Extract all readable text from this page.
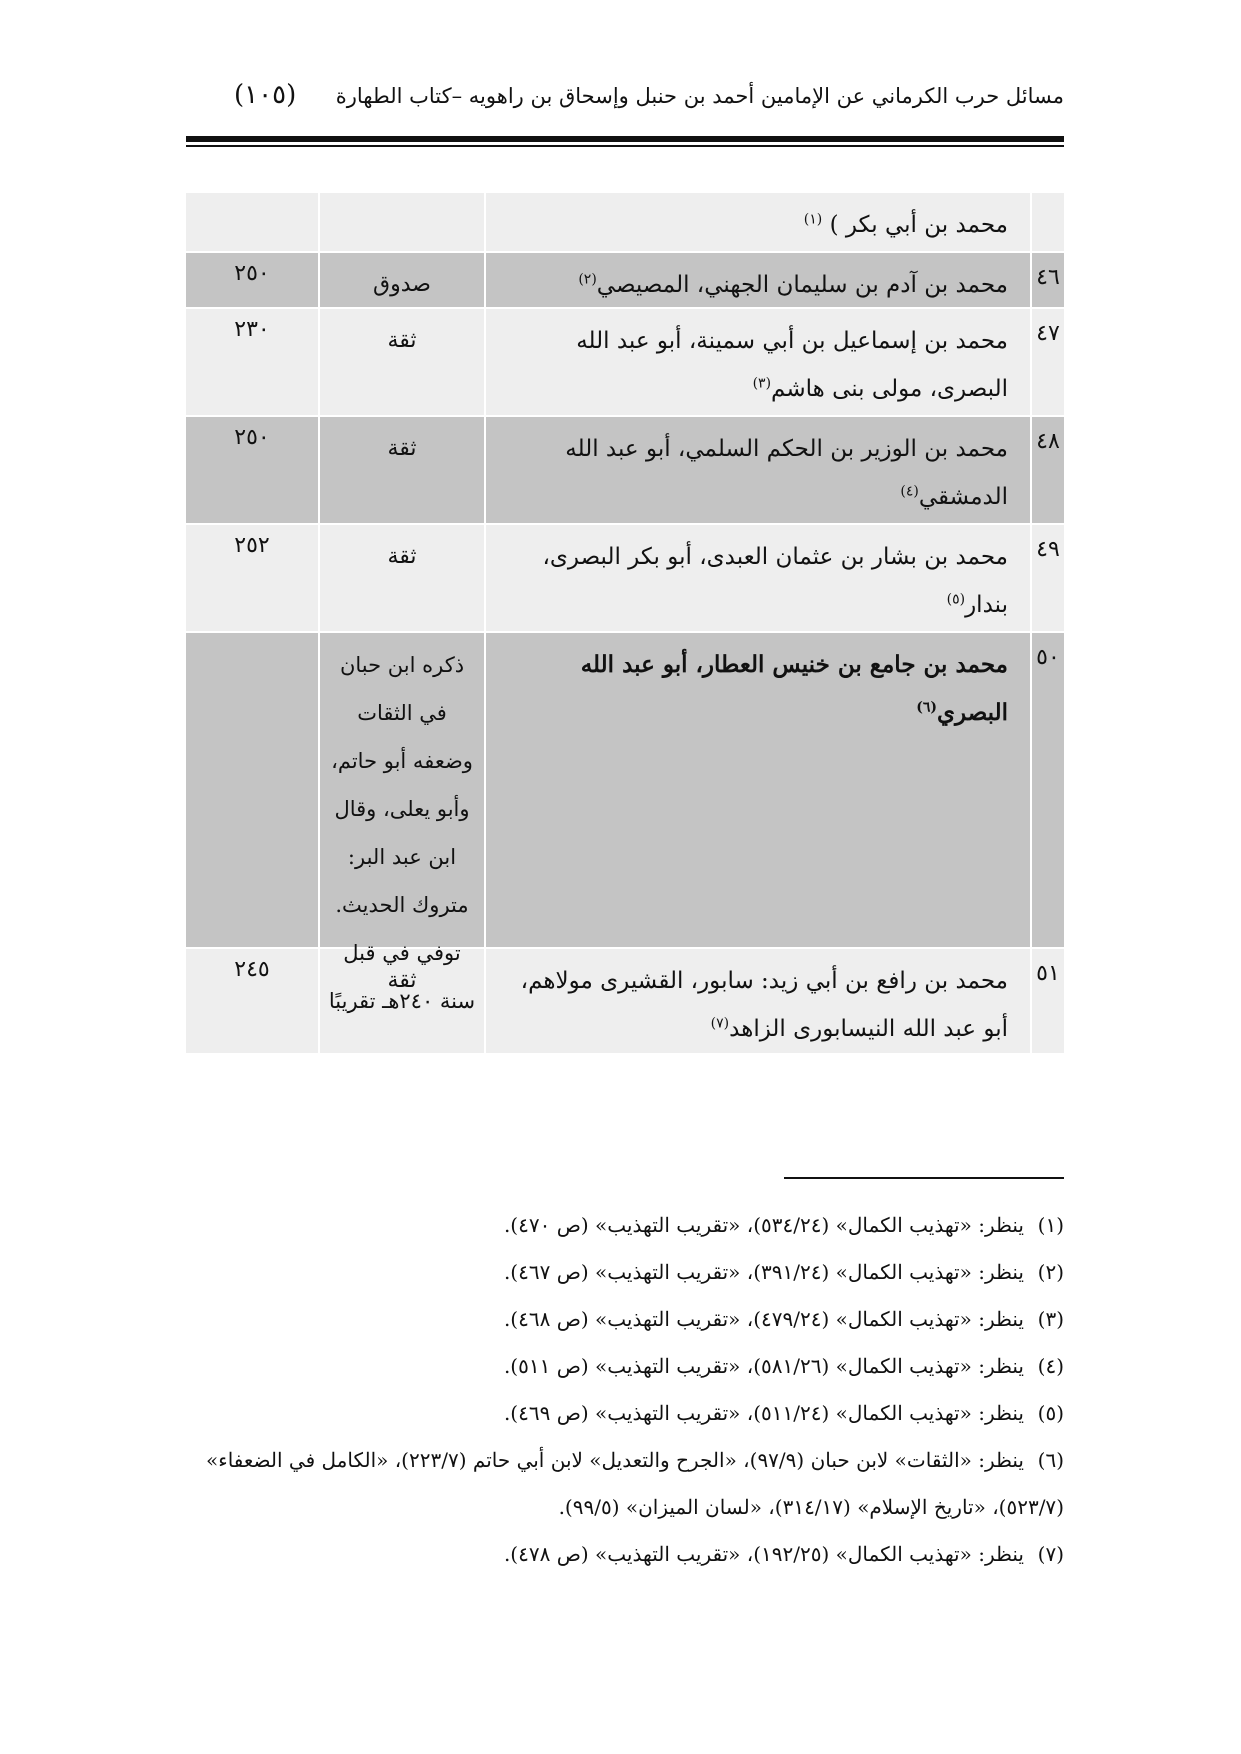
مسائل حرب الكرماني عن الإمامين أحمد بن حنبل وإسحاق بن راهويه –كتاب الطهارة
(١٠٥)
محمد بن أبي بكر ) $^{(١)}$
٤٦
محمد بن آدم بن سليمان الجهني، المصيصي$^{(٢)}$
صدوق
٢٥٠
٤٧
محمد بن إسماعيل بن أبي سمينة، أبو عبد الله البصرى، مولى بنى هاشم$^{(٣)}$
ثقة
٢٣٠
٤٨
محمد بن الوزير بن الحكم السلمي، أبو عبد الله الدمشقي$^{(٤)}$
ثقة
٢٥٠
٤٩
محمد بن بشار بن عثمان العبدى، أبو بكر البصرى، بندار$^{(٥)}$
ثقة
٢٥٢
٥٠
محمد بن جامع بن خنيس العطار، أبو عبد الله البصري$^{(٦)}$
ذكره ابن حبان في الثقات وضعفه أبو حاتم، وأبو يعلى، وقال ابن عبد البر: متروك الحديث. توفي في قبل سنة ٢٤٠هـ تقريبًا
٥١
محمد بن رافع بن أبي زيد: سابور، القشيرى مولاهم، أبو عبد الله النيسابورى الزاهد$^{(٧)}$
ثقة
٢٤٥
(١)ينظر: «تهذيب الكمال» (٥٣٤/٢٤)، «تقريب التهذيب» (ص ٤٧٠).
(٢)ينظر: «تهذيب الكمال» (٣٩١/٢٤)، «تقريب التهذيب» (ص ٤٦٧).
(٣)ينظر: «تهذيب الكمال» (٤٧٩/٢٤)، «تقريب التهذيب» (ص ٤٦٨).
(٤)ينظر: «تهذيب الكمال» (٥٨١/٢٦)، «تقريب التهذيب» (ص ٥١١).
(٥)ينظر: «تهذيب الكمال» (٥١١/٢٤)، «تقريب التهذيب» (ص ٤٦٩).
(٦)ينظر: «الثقات» لابن حبان (٩٧/٩)، «الجرح والتعديل» لابن أبي حاتم (٢٢٣/٧)، «الكامل في الضعفاء» (٥٢٣/٧)، «تاريخ الإسلام» (٣١٤/١٧)، «لسان الميزان» (٩٩/٥).
(٧)ينظر: «تهذيب الكمال» (١٩٢/٢٥)، «تقريب التهذيب» (ص ٤٧٨).
